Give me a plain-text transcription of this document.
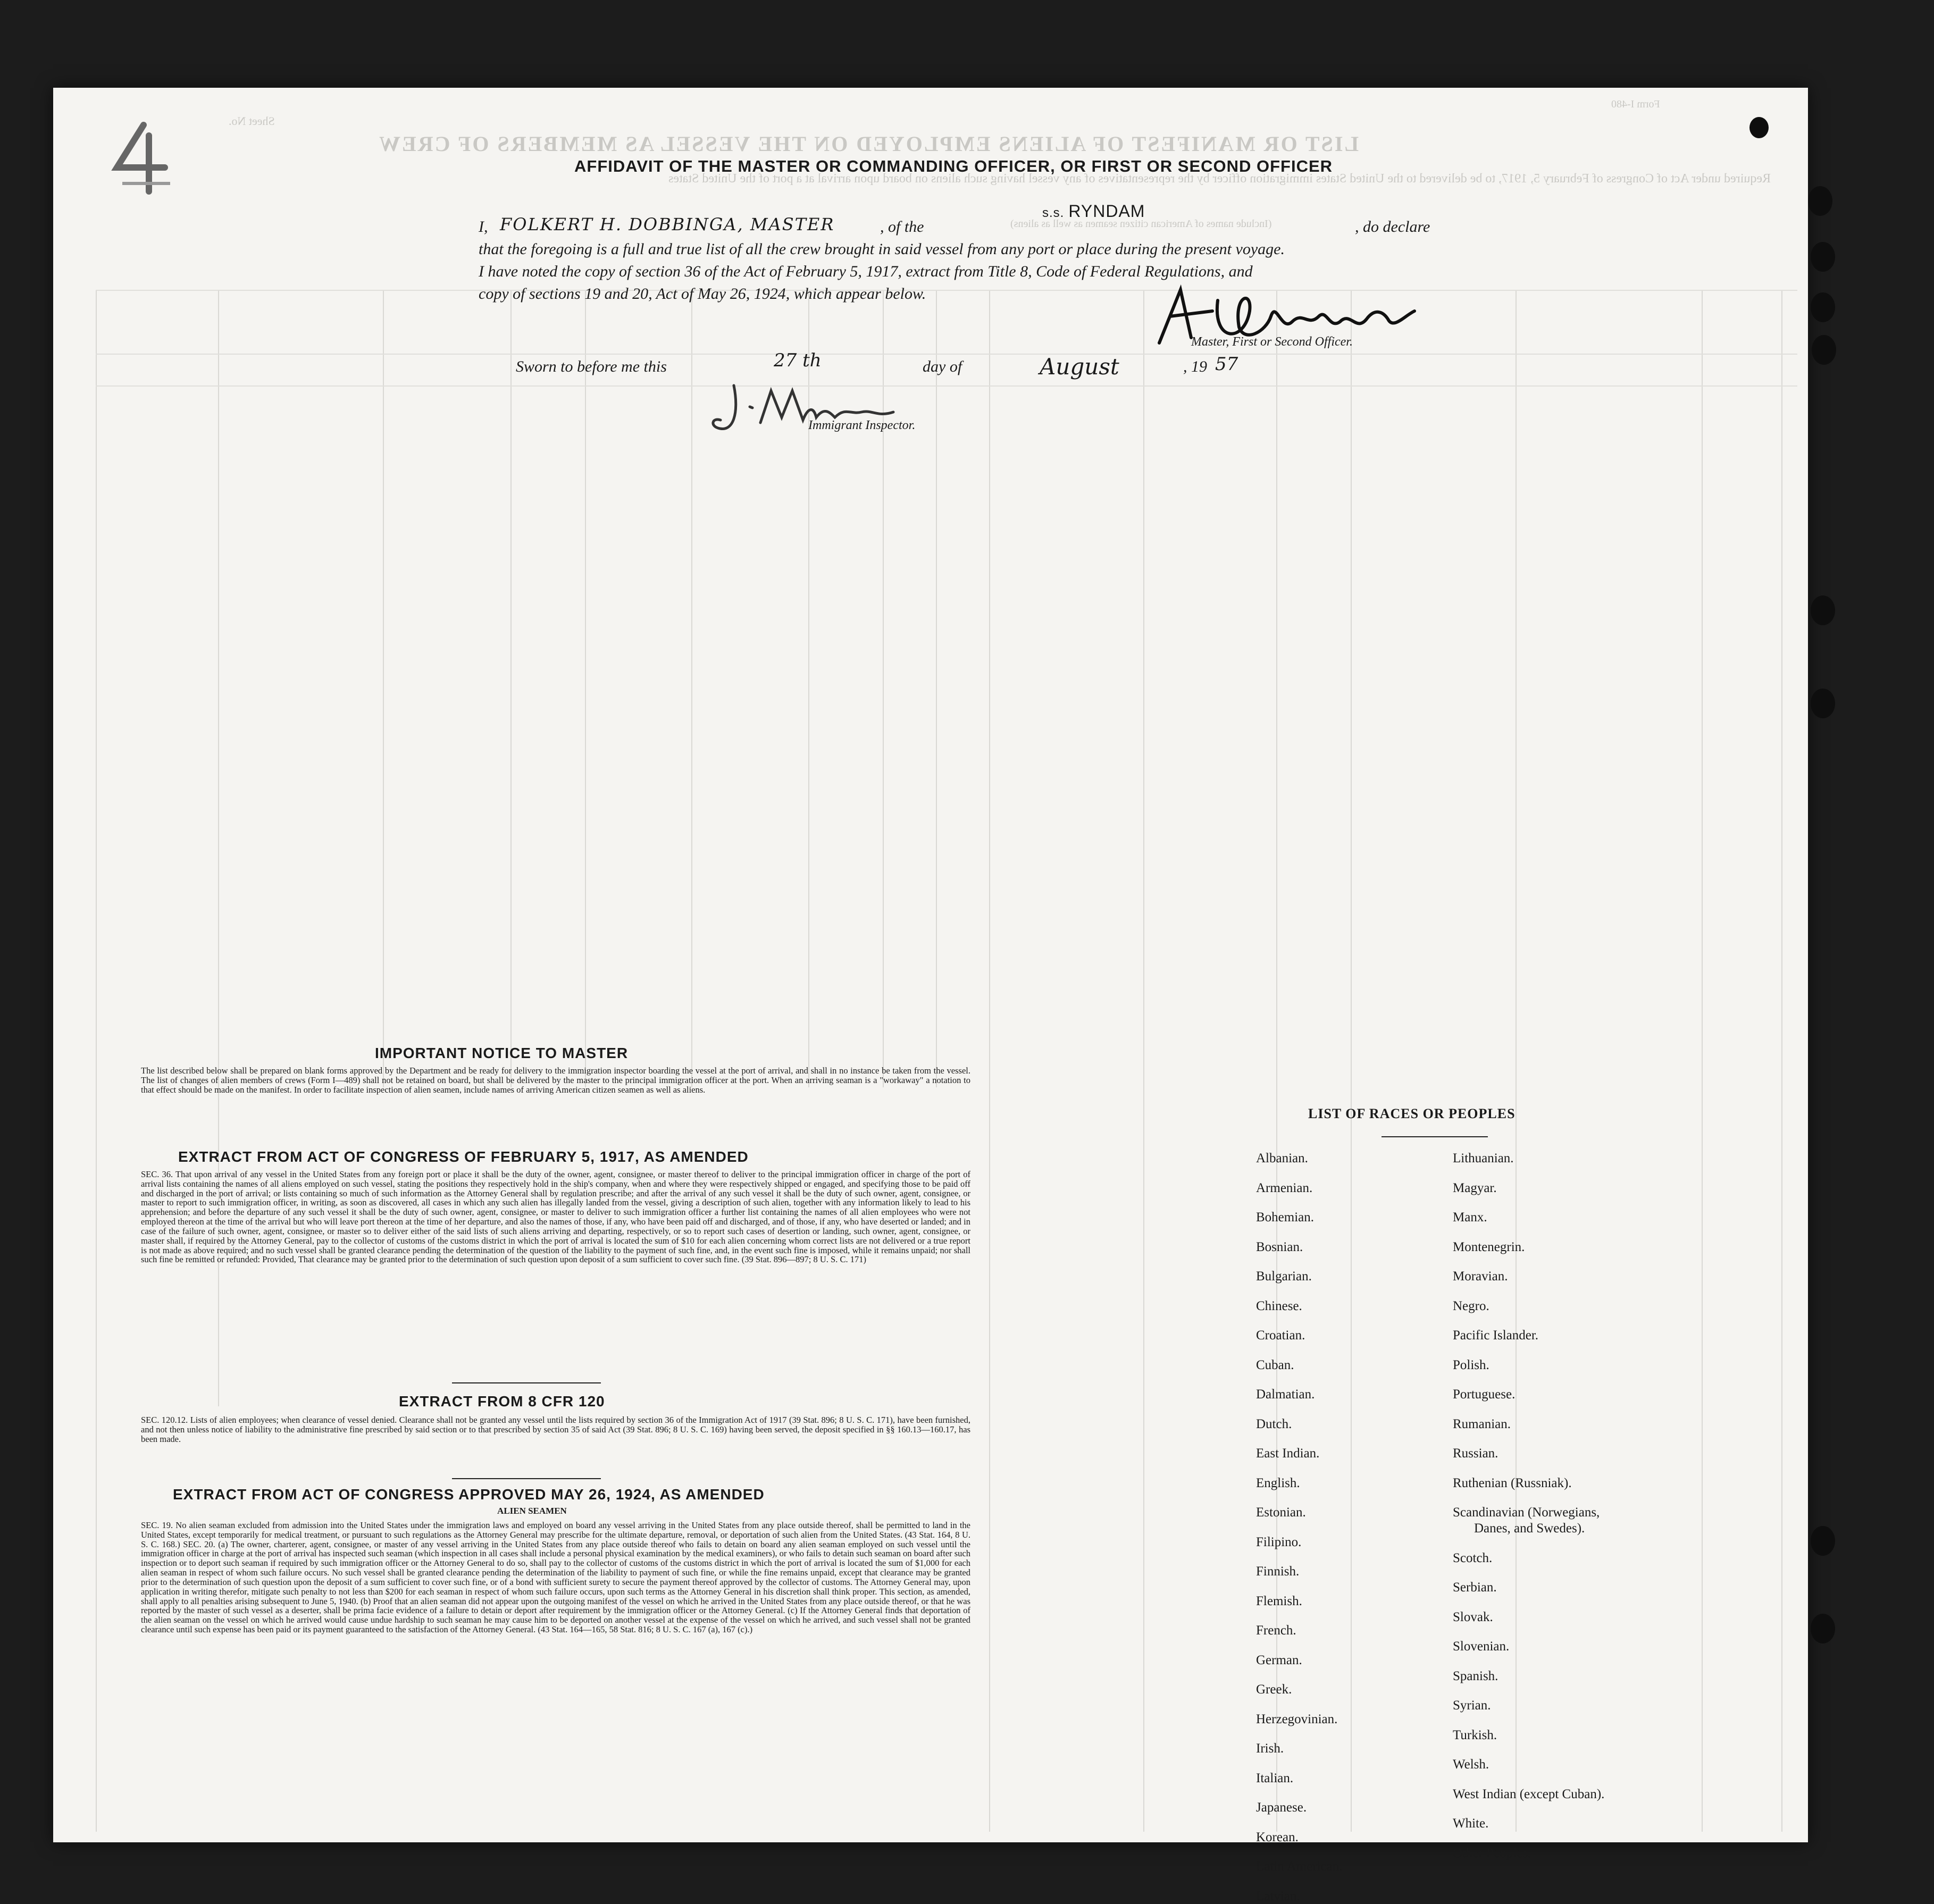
LIST OR MANIFEST OF ALIENS EMPLOYED ON THE VESSEL AS MEMBERS OF CREW
Required under Act of Congress of February 5, 1917, to be delivered to the United States immigration officer by the representatives of any vessel having such aliens on board upon arrival at a port of the United States
(Include names of American citizen seamen as well as aliens)
Sheet No.
Form I-480
AFFIDAVIT OF THE MASTER OR COMMANDING OFFICER, OR FIRST OR SECOND OFFICER
s.s. RYNDAM
I, FOLKERT H. DOBBINGA, MASTER	, of the	, do declare
that the foregoing is a full and true list of all the crew brought in said vessel from any port or place during the present voyage.
I have noted the copy of section 36 of the Act of February 5, 1917, extract from Title 8, Code of Federal Regulations, and
copy of sections 19 and 20, Act of May 26, 1924, which appear below.
Master, First or Second Officer.
Sworn to before me this	27 th	day of	August	, 19 57
Immigrant Inspector.
IMPORTANT NOTICE TO MASTER

The list described below shall be prepared on blank forms approved by the Department and be ready for delivery to the immigration inspector boarding the vessel at the port of arrival, and shall in no instance be taken from the vessel. The list of changes of alien members of crews (Form I—489) shall not be retained on board, but shall be delivered by the master to the principal immigration officer at the port. When an arriving seaman is a "workaway" a notation to that effect should be made on the manifest. In order to facilitate inspection of alien seamen, include names of arriving American citizen seamen as well as aliens.

EXTRACT FROM ACT OF CONGRESS OF FEBRUARY 5, 1917, AS AMENDED

SEC. 36. That upon arrival of any vessel in the United States from any foreign port or place it shall be the duty of the owner, agent, consignee, or master thereof to deliver to the principal immigration officer in charge of the port of arrival lists containing the names of all aliens employed on such vessel, stating the positions they respectively hold in the ship's company, when and where they were respectively shipped or engaged, and specifying those to be paid off and discharged in the port of arrival; or lists containing so much of such information as the Attorney General shall by regulation prescribe; and after the arrival of any such vessel it shall be the duty of such owner, agent, consignee, or master to report to such immigration officer, in writing, as soon as discovered, all cases in which any such alien has illegally landed from the vessel, giving a description of such alien, together with any information likely to lead to his apprehension; and before the departure of any such vessel it shall be the duty of such owner, agent, consignee, or master to deliver to such immigration officer a further list containing the names of all alien employees who were not employed thereon at the time of the arrival but who will leave port thereon at the time of her departure, and also the names of those, if any, who have been paid off and discharged, and of those, if any, who have deserted or landed; and in case of the failure of such owner, agent, consignee, or master so to deliver either of the said lists of such aliens arriving and departing, respectively, or so to report such cases of desertion or landing, such owner, agent, consignee, or master shall, if required by the Attorney General, pay to the collector of customs of the customs district in which the port of arrival is located the sum of $10 for each alien concerning whom correct lists are not delivered or a true report is not made as above required; and no such vessel shall be granted clearance pending the determination of the question of the liability to the payment of such fine, and, in the event such fine is imposed, while it remains unpaid; nor shall such fine be remitted or refunded: Provided, That clearance may be granted prior to the determination of such question upon deposit of a sum sufficient to cover such fine. (39 Stat. 896—897; 8 U. S. C. 171)

EXTRACT FROM 8 CFR 120

SEC. 120.12. Lists of alien employees; when clearance of vessel denied. Clearance shall not be granted any vessel until the lists required by section 36 of the Immigration Act of 1917 (39 Stat. 896; 8 U. S. C. 171), have been furnished, and not then unless notice of liability to the administrative fine prescribed by said section or to that prescribed by section 35 of said Act (39 Stat. 896; 8 U. S. C. 169) having been served, the deposit specified in §§ 160.13—160.17, has been made.

EXTRACT FROM ACT OF CONGRESS APPROVED MAY 26, 1924, AS AMENDED
ALIEN SEAMEN

SEC. 19. No alien seaman excluded from admission into the United States under the immigration laws and employed on board any vessel arriving in the United States from any place outside thereof, shall be permitted to land in the United States, except temporarily for medical treatment, or pursuant to such regulations as the Attorney General may prescribe for the ultimate departure, removal, or deportation of such alien from the United States. (43 Stat. 164, 8 U. S. C. 168.) SEC. 20. (a) The owner, charterer, agent, consignee, or master of any vessel arriving in the United States from any place outside thereof who fails to detain on board any alien seaman employed on such vessel until the immigration officer in charge at the port of arrival has inspected such seaman (which inspection in all cases shall include a personal physical examination by the medical examiners), or who fails to detain such seaman on board after such inspection or to deport such seaman if required by such immigration officer or the Attorney General to do so, shall pay to the collector of customs of the customs district in which the port of arrival is located the sum of $1,000 for each alien seaman in respect of whom such failure occurs. No such vessel shall be granted clearance pending the determination of the liability to payment of such fine, or while the fine remains unpaid, except that clearance may be granted prior to the determination of such question upon the deposit of a sum sufficient to cover such fine, or of a bond with sufficient surety to secure the payment thereof approved by the collector of customs. The Attorney General may, upon application in writing therefor, mitigate such penalty to not less than $200 for each seaman in respect of whom such failure occurs, upon such terms as the Attorney General in his discretion shall think proper. This section, as amended, shall apply to all penalties arising subsequent to June 5, 1940. (b) Proof that an alien seaman did not appear upon the outgoing manifest of the vessel on which he arrived in the United States from any place outside thereof, or that he was reported by the master of such vessel as a deserter, shall be prima facie evidence of a failure to detain or deport after requirement by the immigration officer or the Attorney General. (c) If the Attorney General finds that deportation of the alien seaman on the vessel on which he arrived would cause undue hardship to such seaman he may cause him to be deported on another vessel at the expense of the vessel on which he arrived, and such vessel shall not be granted clearance until such expense has been paid or its payment guaranteed to the satisfaction of the Attorney General. (43 Stat. 164—165, 58 Stat. 816; 8 U. S. C. 167 (a), 167 (c).)

LIST OF RACES OR PEOPLES
Albanian.
Armenian.
Bohemian.
Bosnian.
Bulgarian.
Chinese.
Croatian.
Cuban.
Dalmatian.
Dutch.
East Indian.
English.
Estonian.
Filipino.
Finnish.
Flemish.
French.
German.
Greek.
Herzegovinian.
Irish.
Italian.
Japanese.
Korean.
Latin American.
Latvian.
Lithuanian.
Magyar.
Manx.
Montenegrin.
Moravian.
Negro.
Pacific Islander.
Polish.
Portuguese.
Rumanian.
Russian.
Ruthenian (Russniak).
Scandinavian (Norwegians,
Danes, and Swedes).
Scotch.
Serbian.
Slovak.
Slovenian.
Spanish.
Syrian.
Turkish.
Welsh.
West Indian (except Cuban).
White.
Other Peoples.
